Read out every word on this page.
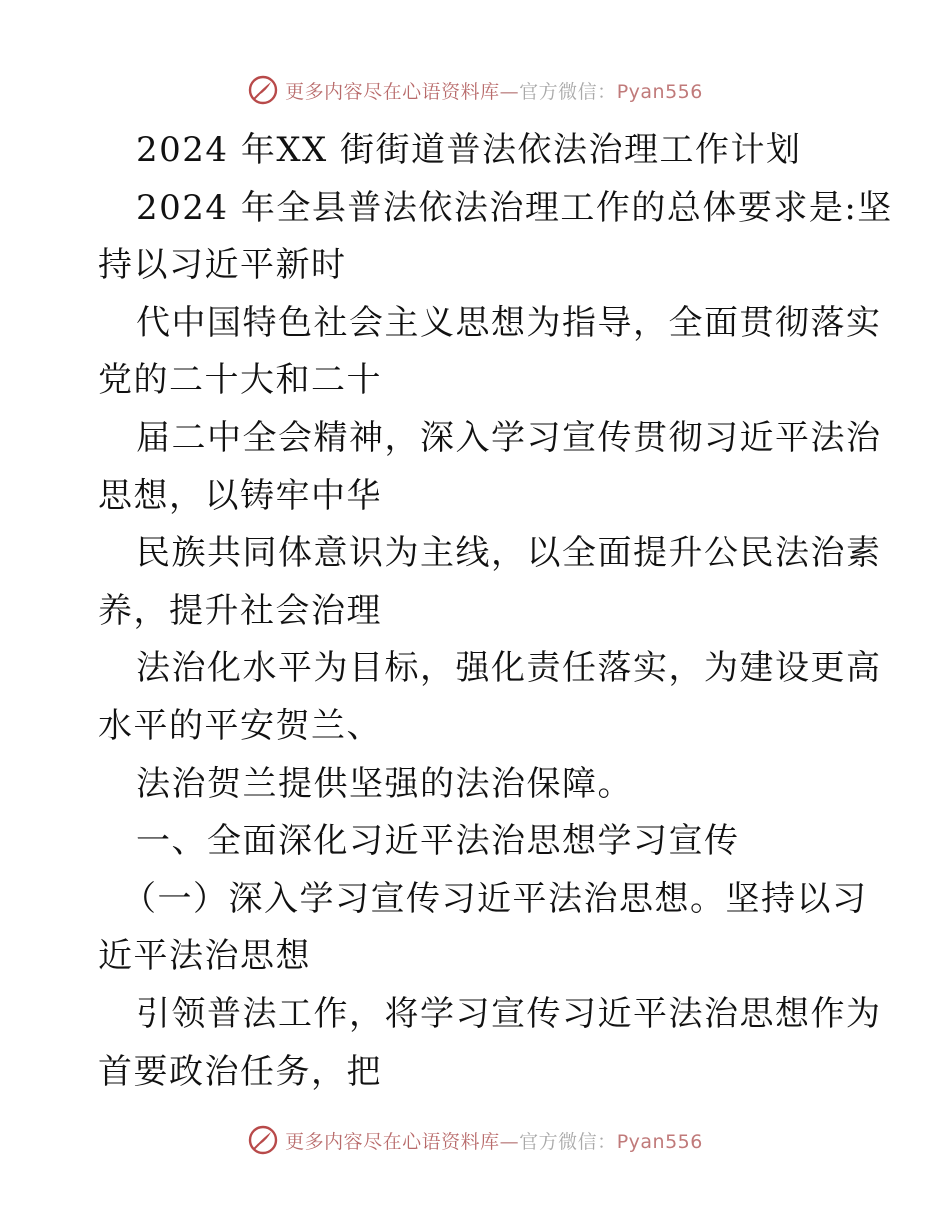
更多内容尽在心语资料库—官方微信：Pyan556
2024 年XX 街街道普法依法治理工作计划
2024 年全县普法依法治理工作的总体要求是:坚
持以习近平新时
代中国特色社会主义思想为指导，全面贯彻落实
党的二十大和二十
届二中全会精神，深入学习宣传贯彻习近平法治
思想，以铸牢中华
民族共同体意识为主线，以全面提升公民法治素
养，提升社会治理
法治化水平为目标，强化责任落实，为建设更高
水平的平安贺兰、
法治贺兰提供坚强的法治保障。
一、全面深化习近平法治思想学习宣传
（一）深入学习宣传习近平法治思想。坚持以习
近平法治思想
引领普法工作，将学习宣传习近平法治思想作为
首要政治任务，把
更多内容尽在心语资料库—官方微信：Pyan556
